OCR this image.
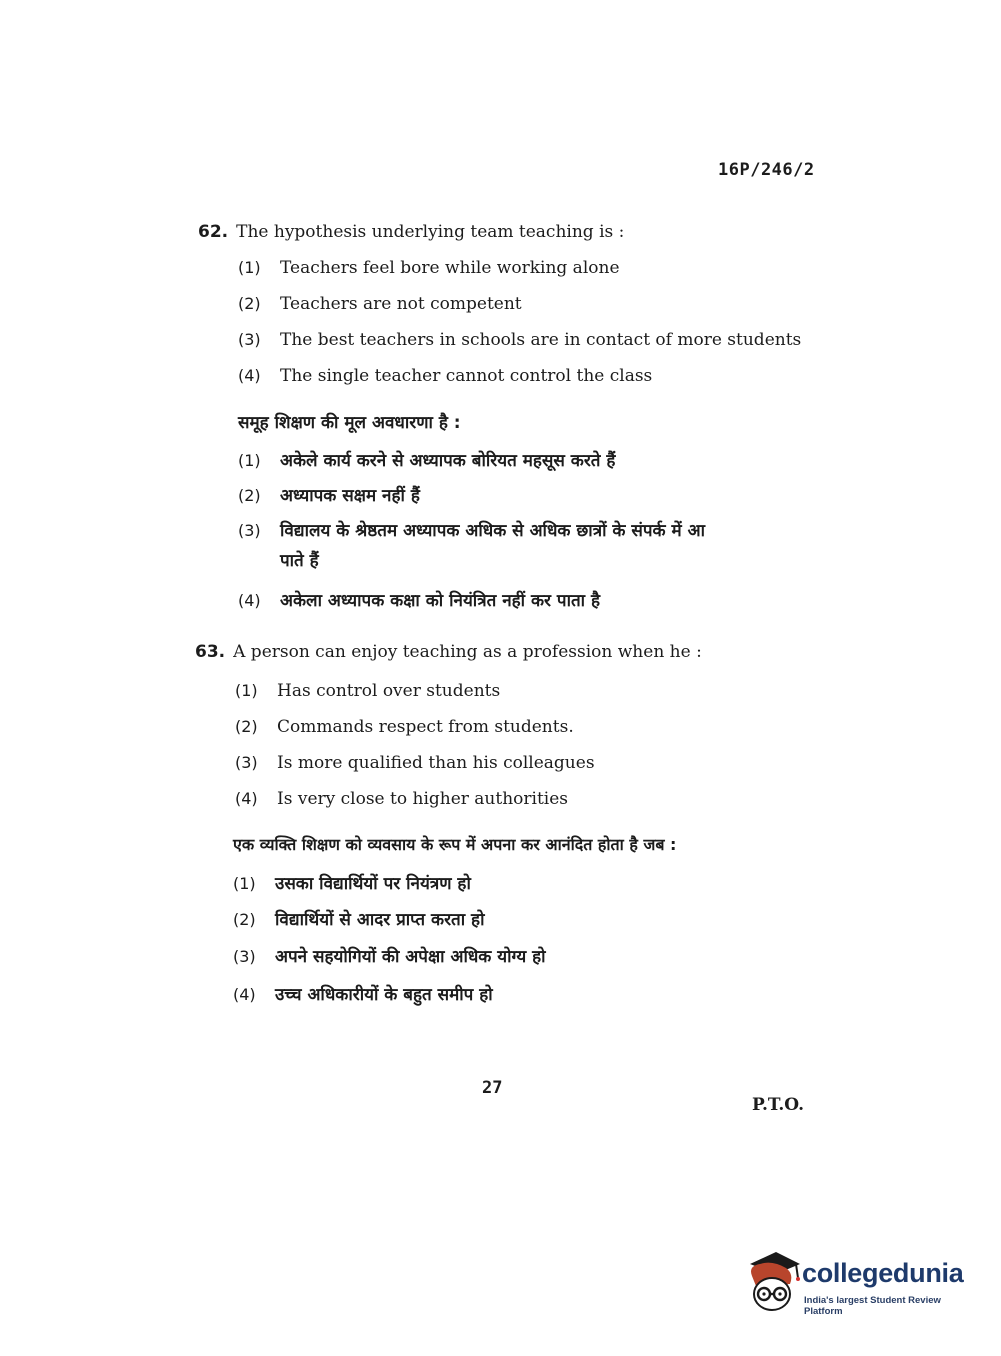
16P/246/2
62. The hypothesis underlying team teaching is :
(1) Teachers feel bore while working alone
(2) Teachers are not competent
(3) The best teachers in schools are in contact of more students
(4) The single teacher cannot control the class
समूह शिक्षण की मूल अवधारणा है :
(1) अकेले कार्य करने से अध्यापक बोरियत महसूस करते हैं
(2) अध्यापक सक्षम नहीं हैं
(3) विद्यालय के श्रेष्ठतम अध्यापक अधिक से अधिक छात्रों के संपर्क में आ
पाते हैं
(4) अकेला अध्यापक कक्षा को नियंत्रित नहीं कर पाता है
63. A person can enjoy teaching as a profession when he :
(1) Has control over students
(2) Commands respect from students.
(3) Is more qualified than his colleagues
(4) Is very close to higher authorities
एक व्यक्ति शिक्षण को व्यवसाय के रूप में अपना कर आनंदित होता है जब :
(1) उसका विद्यार्थियों पर नियंत्रण हो
(2) विद्यार्थियों से आदर प्राप्त करता हो
(3) अपने सहयोगियों की अपेक्षा अधिक योग्य हो
(4) उच्च अधिकारीयों के बहुत समीप हो
27
P.T.O.
collegedunia
India's largest Student Review Platform
